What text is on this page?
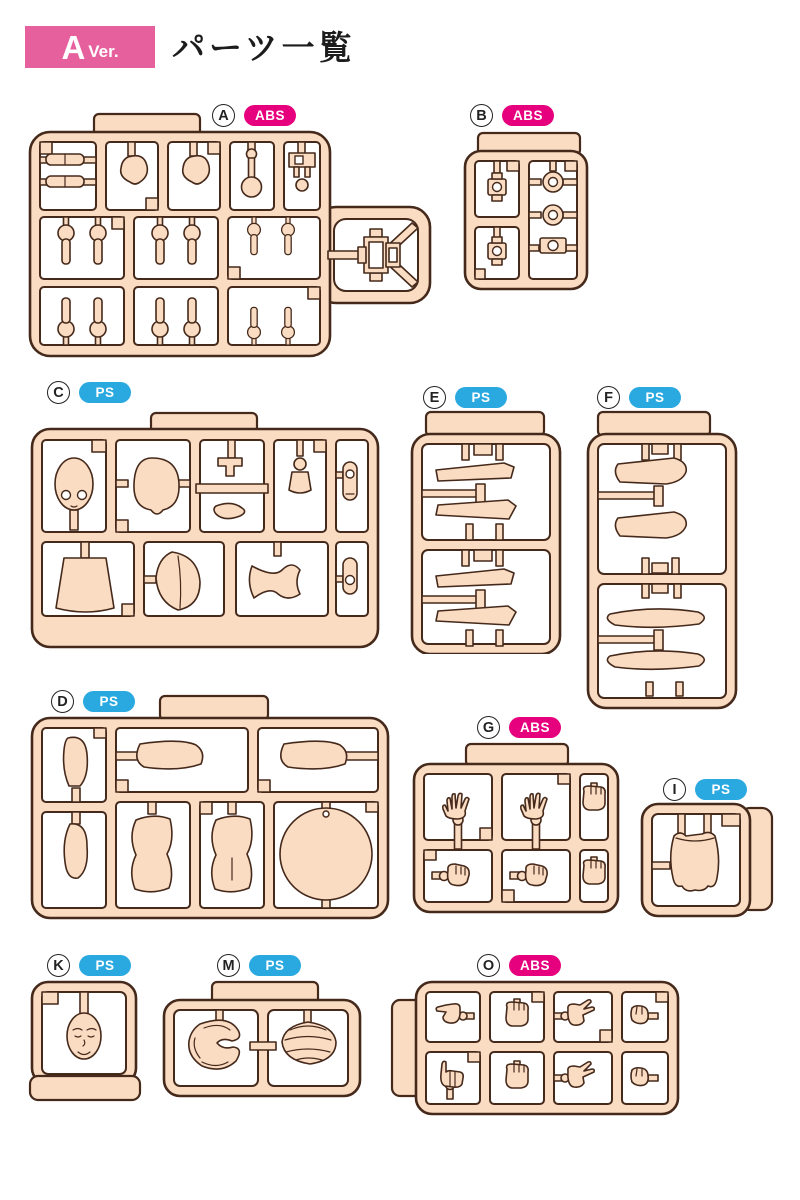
A Ver. パーツ一覧
A	ABS	B	ABS
C	PS	E	PS	F	PS
D	PS
G	ABS
I	PS
K	PS	M	PS	O	ABS
